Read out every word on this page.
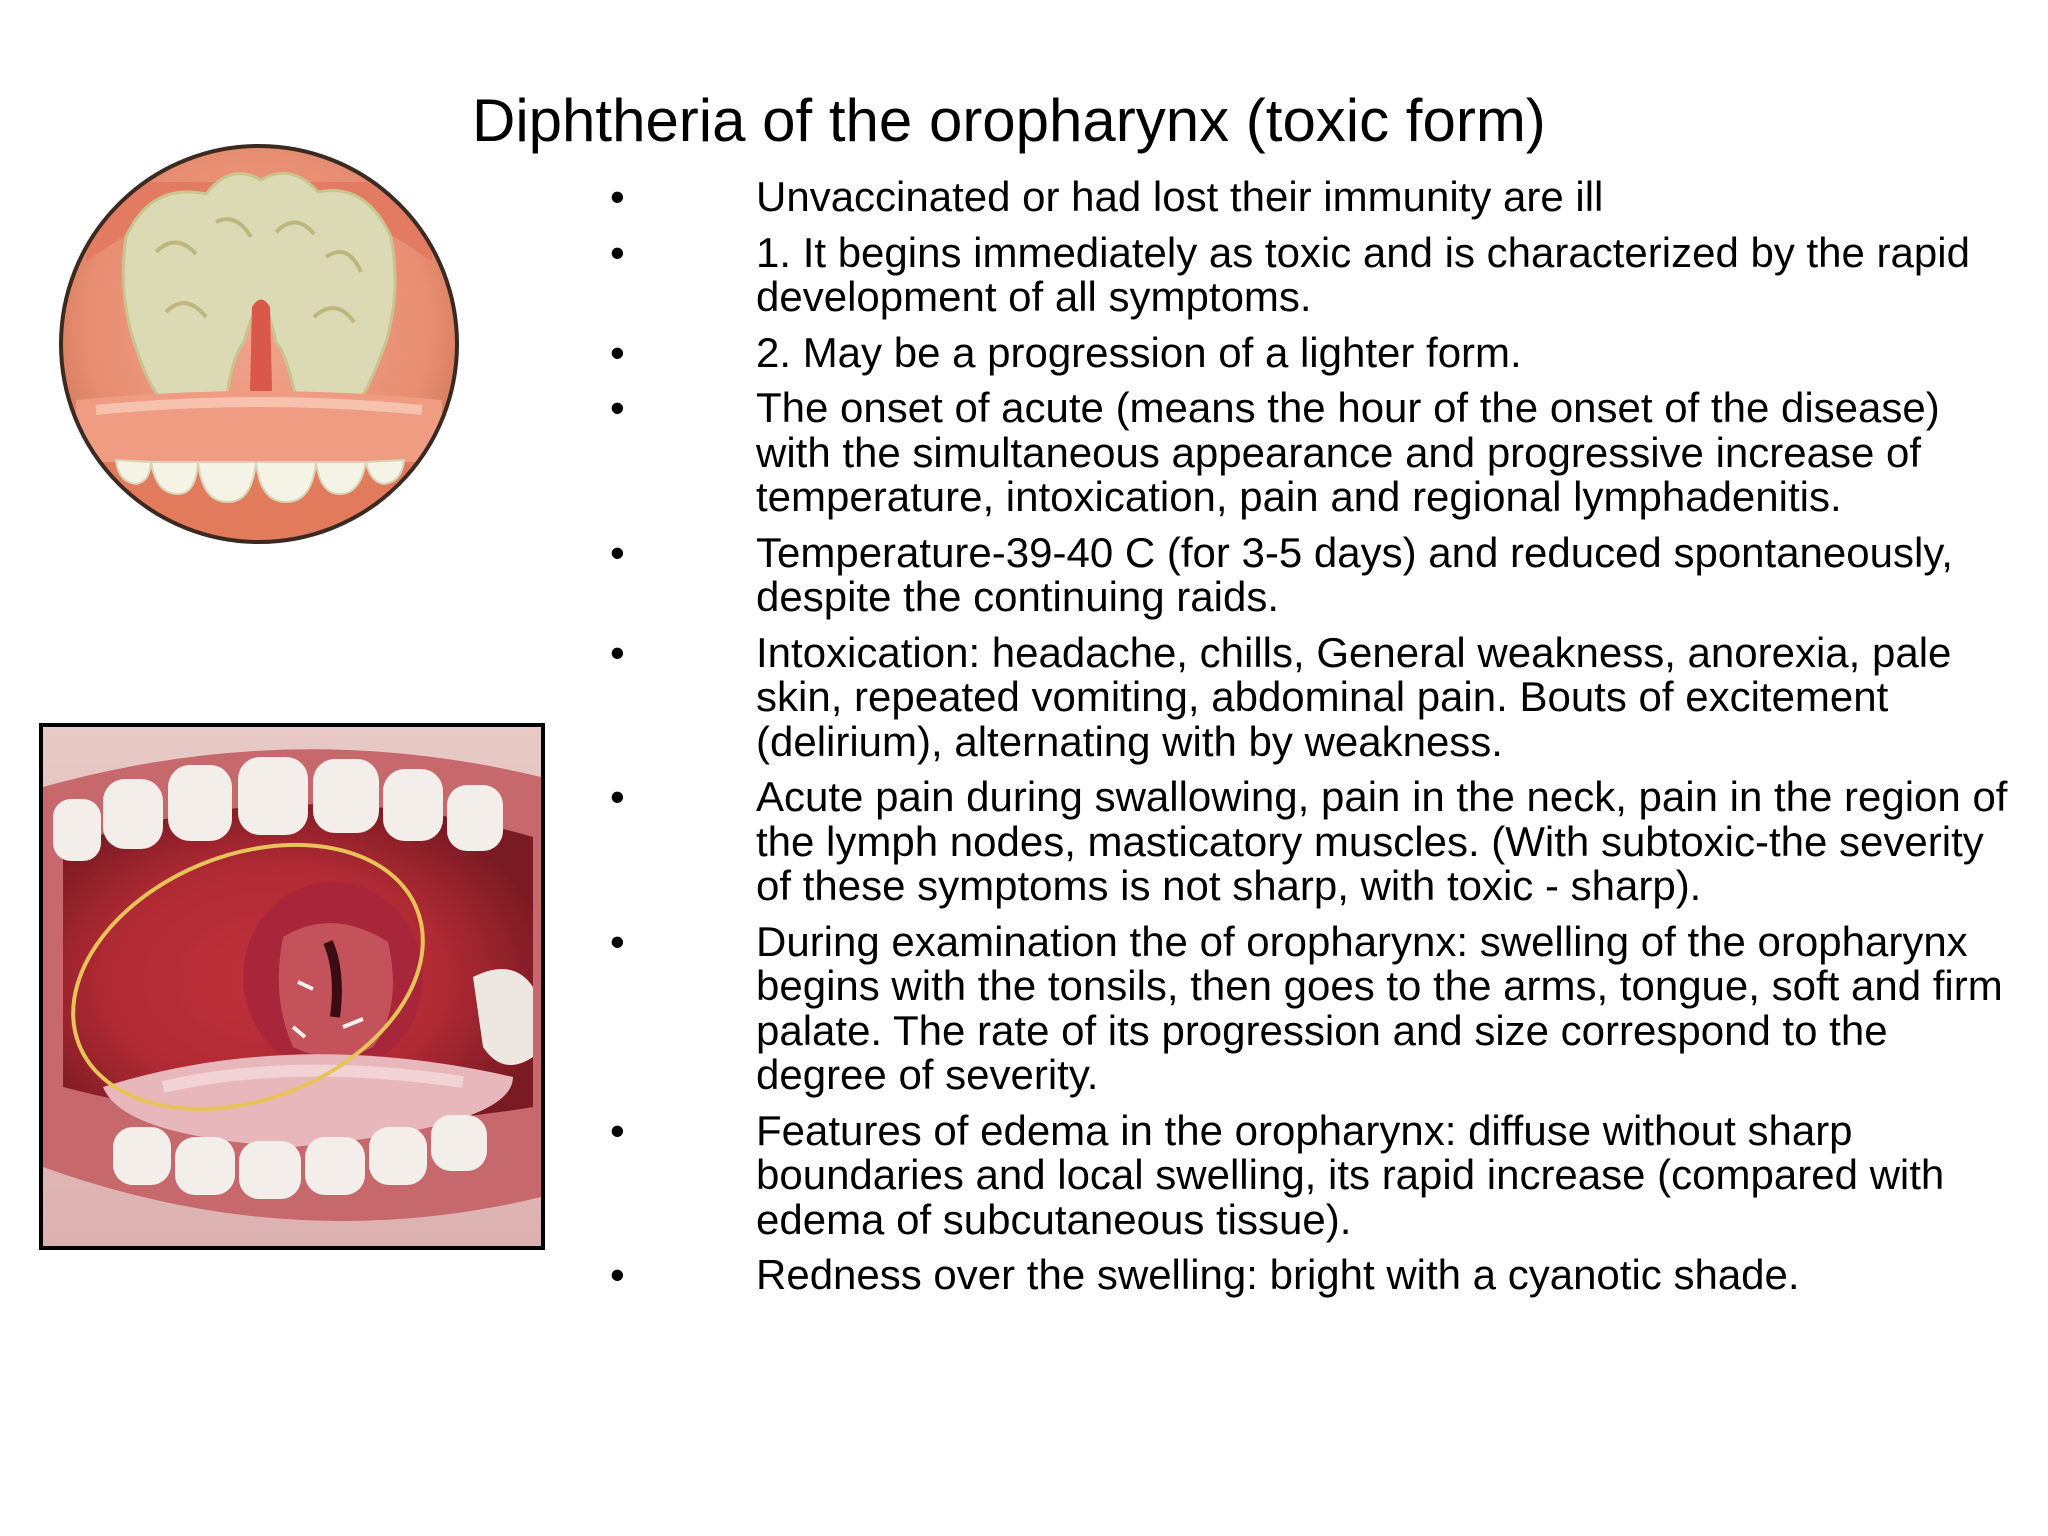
Diphtheria of the oropharynx (toxic form)
•	Unvaccinated or had lost their immunity are ill
•	1. It begins immediately as toxic and is characterized by the rapid development of all symptoms.
•	2. May be a progression of a lighter form.
•	The onset of acute (means the hour of the onset of the disease) with the simultaneous appearance and progressive increase of temperature, intoxication, pain and regional lymphadenitis.
•	Temperature-39-40 C (for 3-5 days) and reduced spontaneously, despite the continuing raids.
•	Intoxication: headache, chills, General weakness, anorexia, pale skin, repeated vomiting, abdominal pain. Bouts of excitement (delirium), alternating with by weakness.
•	Acute pain during swallowing, pain in the neck, pain in the region of the lymph nodes, masticatory muscles. (With subtoxic-the severity of these symptoms is not sharp, with toxic - sharp).
•	During examination the of oropharynx: swelling of the oropharynx begins with the tonsils, then goes to the arms, tongue, soft and firm palate. The rate of its progression and size correspond to the degree of severity.
•	Features of edema in the oropharynx: diffuse without sharp boundaries and local swelling, its rapid increase (compared with edema of subcutaneous tissue).
•	Redness over the swelling: bright with a cyanotic shade.
